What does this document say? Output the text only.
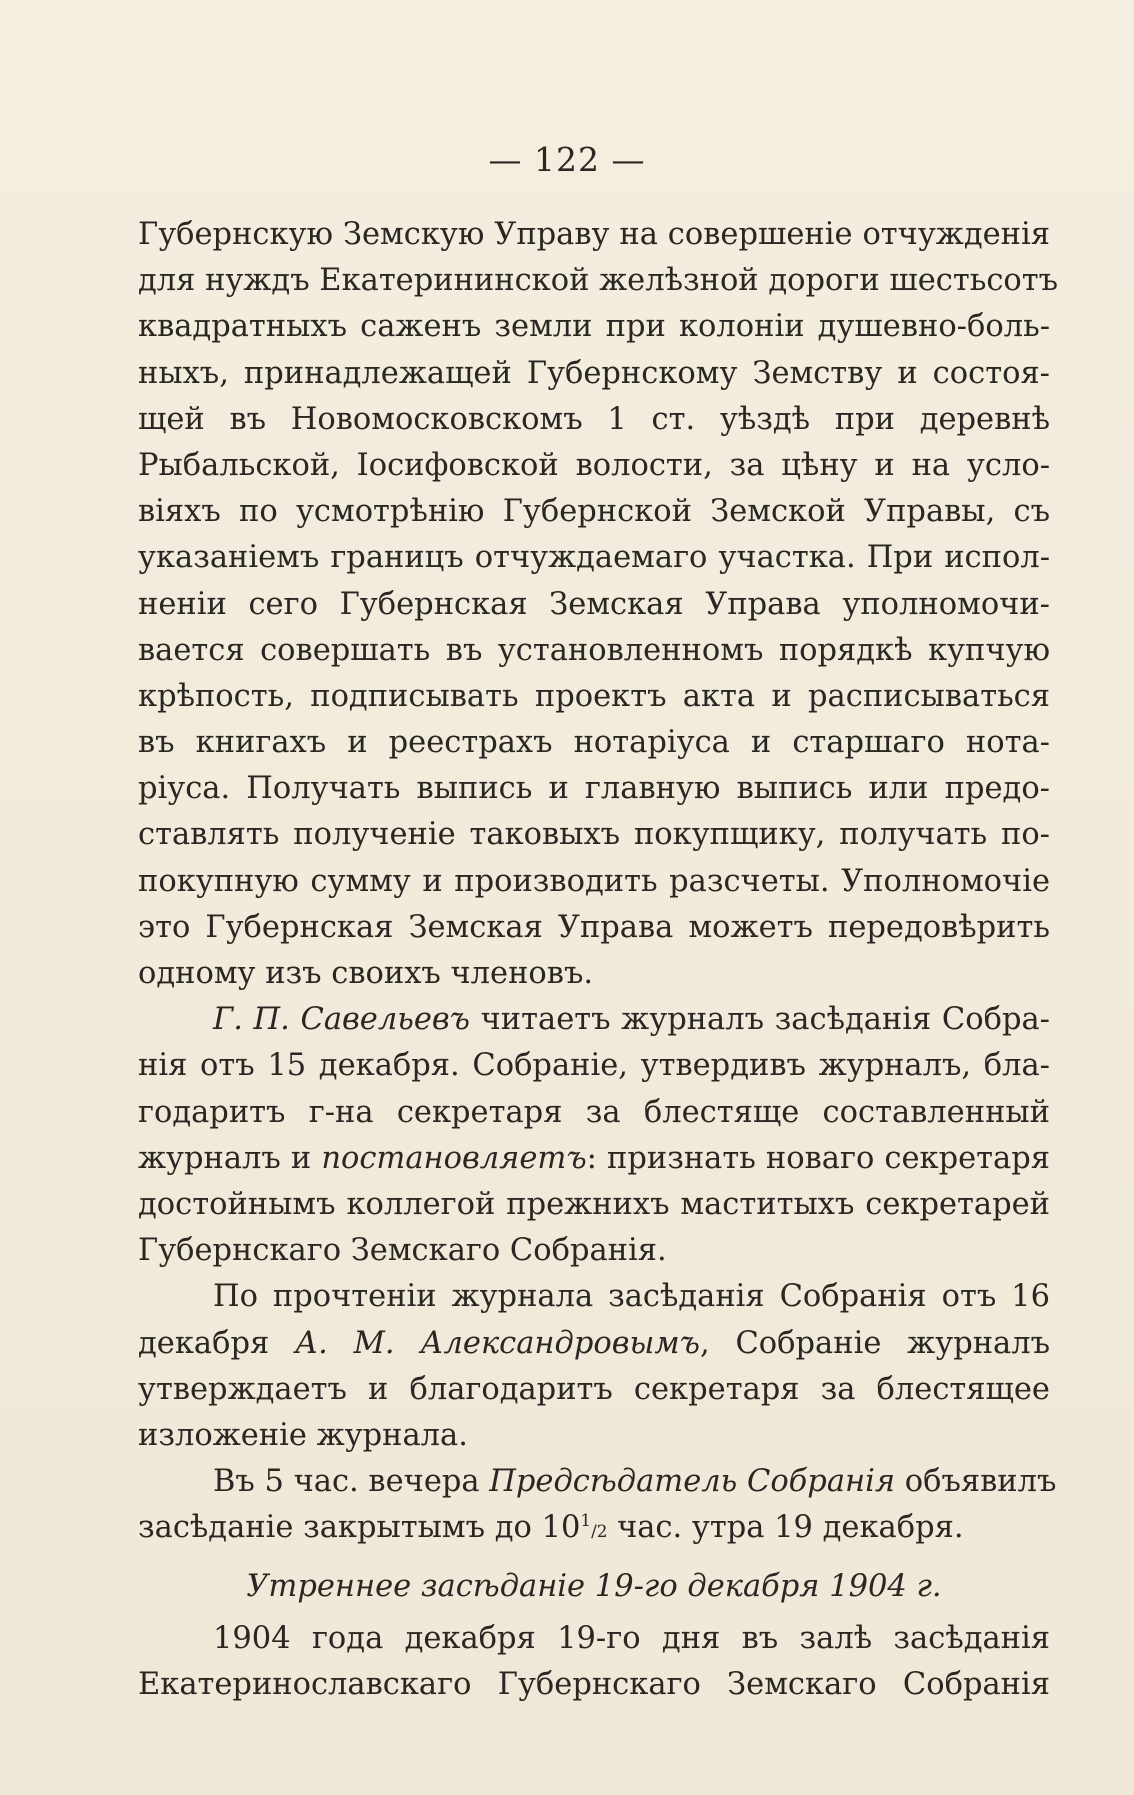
— 122 —
Губернскую Земскую Управу на совершеніе отчужденія
для нуждъ Екатерининской желѣзной дороги шестьсотъ
квадратныхъ саженъ земли при колоніи душевно-боль-
ныхъ, принадлежащей Губернскому Земству и состоя-
щей въ Новомосковскомъ 1 ст. уѣздѣ при деревнѣ
Рыбальской, Іосифовской волости, за цѣну и на усло-
віяхъ по усмотрѣнію Губернской Земской Управы, съ
указаніемъ границъ отчуждаемаго участка. При испол-
неніи сего Губернская Земская Управа уполномочи-
вается совершать въ установленномъ порядкѣ купчую
крѣпость, подписывать проектъ акта и расписываться
въ книгахъ и реестрахъ нотаріуса и старшаго нота-
ріуса. Получать выпись и главную выпись или предо-
ставлять полученіе таковыхъ покупщику, получать по-
покупную сумму и производить разсчеты. Уполномочіе
это Губернская Земская Управа можетъ передовѣрить
одному изъ своихъ членовъ.
Г. П. Савельевъ читаетъ журналъ засѣданія Собра-
нія отъ 15 декабря. Собраніе, утвердивъ журналъ, бла-
годаритъ г-на секретаря за блестяще составленный
журналъ и постановляетъ: признать новаго секретаря
достойнымъ коллегой прежнихъ маститыхъ секретарей
Губернскаго Земскаго Собранія.
По прочтеніи журнала засѣданія Собранія отъ 16
декабря А. М. Александровымъ, Собраніе журналъ
утверждаетъ и благодаритъ секретаря за блестящее
изложеніе журнала.
Въ 5 час. вечера Предсѣдатель Собранія объявилъ
засѣданіе закрытымъ до $10^1/2$ час. утра 19 декабря.
Утреннее засѣданіе 19-го декабря 1904 г.
1904 года декабря 19-го дня въ залѣ засѣданія
Екатеринославскаго Губернскаго Земскаго Собранія
